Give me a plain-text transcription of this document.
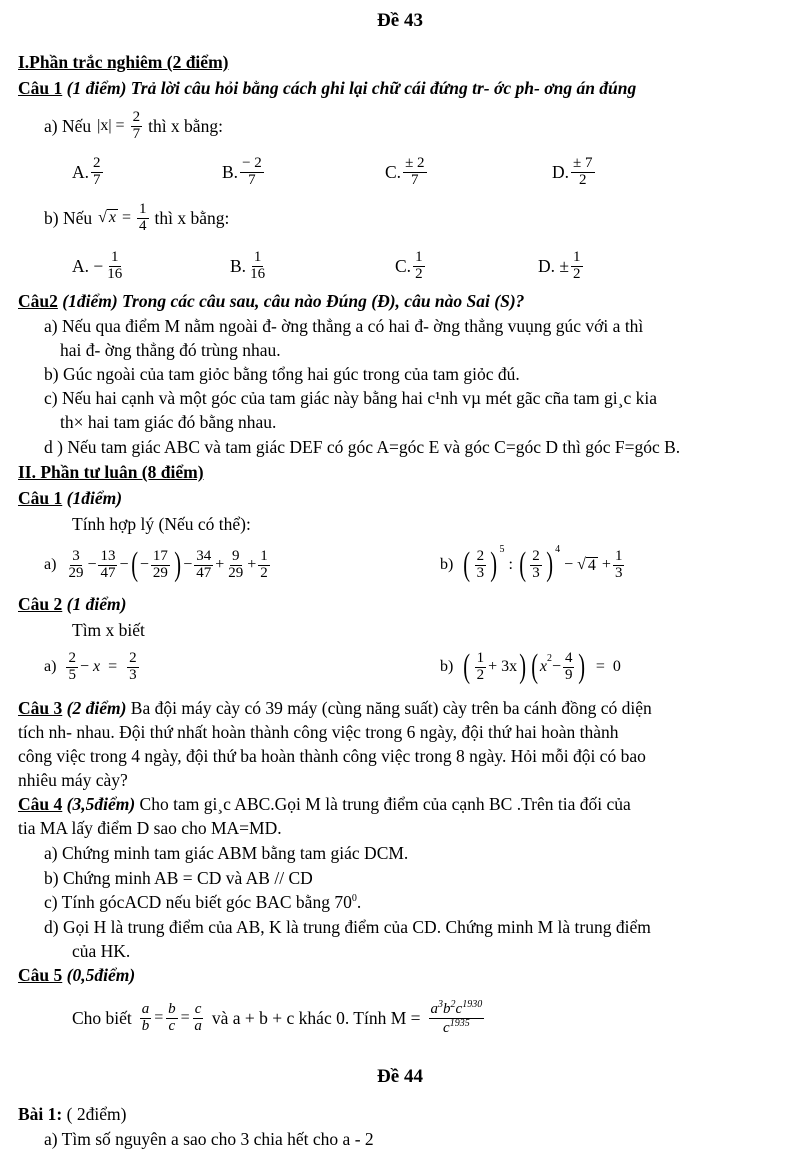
Đề 43
I.Phần trắc nghiêm (2 điểm)
Câu 1 (1 điểm) Trả lời câu hỏi bằng cách ghi lại chữ cái đứng tr- ớc ph- ơng án đúng
a) Nếu $|x| = \frac{2}{7}$ thì x bằng:
A. $\frac{2}{7}$	B. $\frac{- 2}{7}$	C. $\frac{\pm 2}{7}$	D. $\frac{\pm 7}{2}$
b) Nếu √ $x = \frac{1}{4}$ thì x bằng:
A. − $\frac{1}{16}$	B. $\frac{1}{16}$	C. $\frac{1}{2}$	D. ± $\frac{1}{2}$
Câu2 (1điểm) Trong các câu sau, câu nào Đúng (Đ), câu nào Sai (S)?
a) Nếu qua điểm M nằm ngoài đ- ờng thẳng a có hai đ- ờng thẳng vuụng gúc với a thì
hai đ- ờng thẳng đó trùng nhau.
b) Gúc ngoài của tam giỏc bằng tổng hai gúc trong của tam giỏc đú.
c) Nếu hai cạnh và một góc của tam giác này bằng hai c¹nh vµ mét gãc cña tam gi¸c kia
th× hai tam giác đó bằng nhau.
d ) Nếu tam giác ABC và tam giác DEF có góc A=góc E và góc C=góc D thì góc F=góc B.
II. Phần tư luân (8 điểm)
Câu 1 (1điểm)
Tính hợp lý (Nếu có thể):
$a) \frac{3}{29} - \frac{13}{47}$ − ( − $\frac{17}{29}$ ) − $\frac{34}{47} + \frac{9}{29} + \frac{1}{2}$	b) ( $\frac{2}{3} )^5$
: ( $\frac{2}{3} )^4$
− √ $4 + \frac{1}{3}$
Câu 2 (1 điểm)
Tìm x biết
$a) \frac{2}{5} - x = \frac{2}{3}$	b) ( $\frac{1}{2} + 3x$ ) ( $x^2 - \frac{4}{9}$ ) =  0
Câu 3 (2 điểm) Ba đội máy cày có 39 máy (cùng năng suất) cày trên ba cánh đồng có diện
tích nh- nhau. Đội thứ nhất hoàn thành công việc trong 6 ngày, đội thứ hai hoàn thành
công việc trong 4 ngày, đội thứ ba hoàn thành công việc trong 8 ngày. Hỏi mỗi đội có bao
nhiêu máy cày?
Câu 4 (3,5điểm) Cho tam gi¸c ABC.Gọi M là trung điểm của cạnh BC .Trên tia đối của
tia MA lấy điểm D sao cho MA=MD.
a) Chứng minh tam giác ABM bằng tam giác DCM.
b) Chứng minh AB = CD và AB // CD
c) Tính gócACD nếu biết góc BAC bằng $70^0$.
d) Gọi H là trung điểm của AB, K là trung điểm của CD. Chứng minh M là trung điểm
của HK.
Câu 5 (0,5điểm)
Cho biết $\frac{a}{b} = \frac{b}{c} = \frac{c}{a}$ và a + b + c khác 0. Tính $M = \frac{a^3b^2c^{1930}}{c^{1935}}$
Đề 44
Bài 1: ( 2điểm)
a) Tìm số nguyên a sao cho 3 chia hết cho a - 2
